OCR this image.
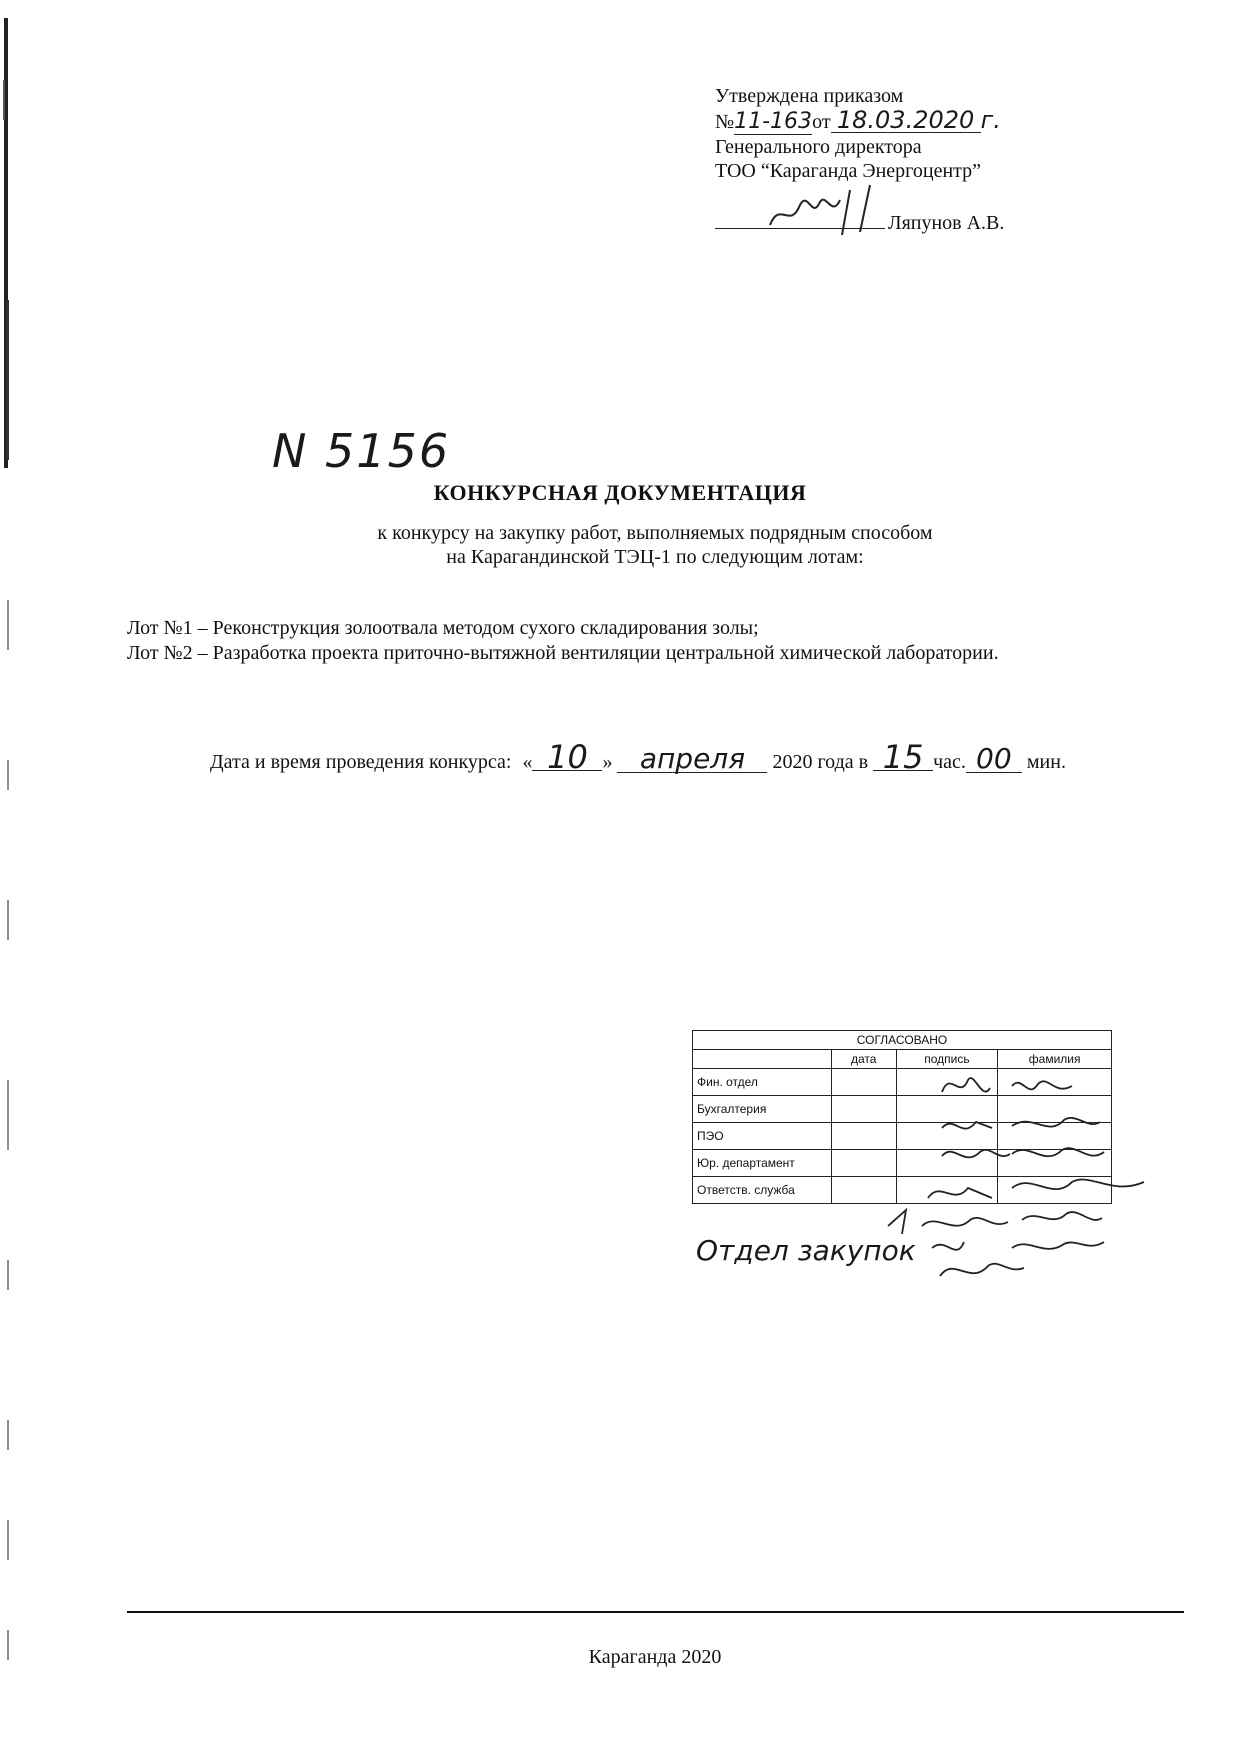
Утверждена приказом
№11-163от 18.03.2020 г.
Генерального директора
ТОО “Караганда Энергоцентр”
Ляпунов А.В.
N 5156
КОНКУРСНАЯ ДОКУМЕНТАЦИЯ
к конкурсу на закупку работ, выполняемых подрядным способом
на Карагандинской ТЭЦ-1 по следующим лотам:
Лот №1 – Реконструкция золоотвала методом сухого складирования золы;
Лот №2 – Разработка проекта приточно-вытяжной вентиляции центральной химической лаборатории.
Дата и время проведения конкурса: « 10 » апреля 2020 года в 15 час. 00 мин.
СОГЛАСОВАНО			
	дата	подпись	фамилия
Фин. отдел			
Бухгалтерия			
ПЭО			
Юр. департамент			
Ответств. служба			
Отдел закупок
Караганда 2020
